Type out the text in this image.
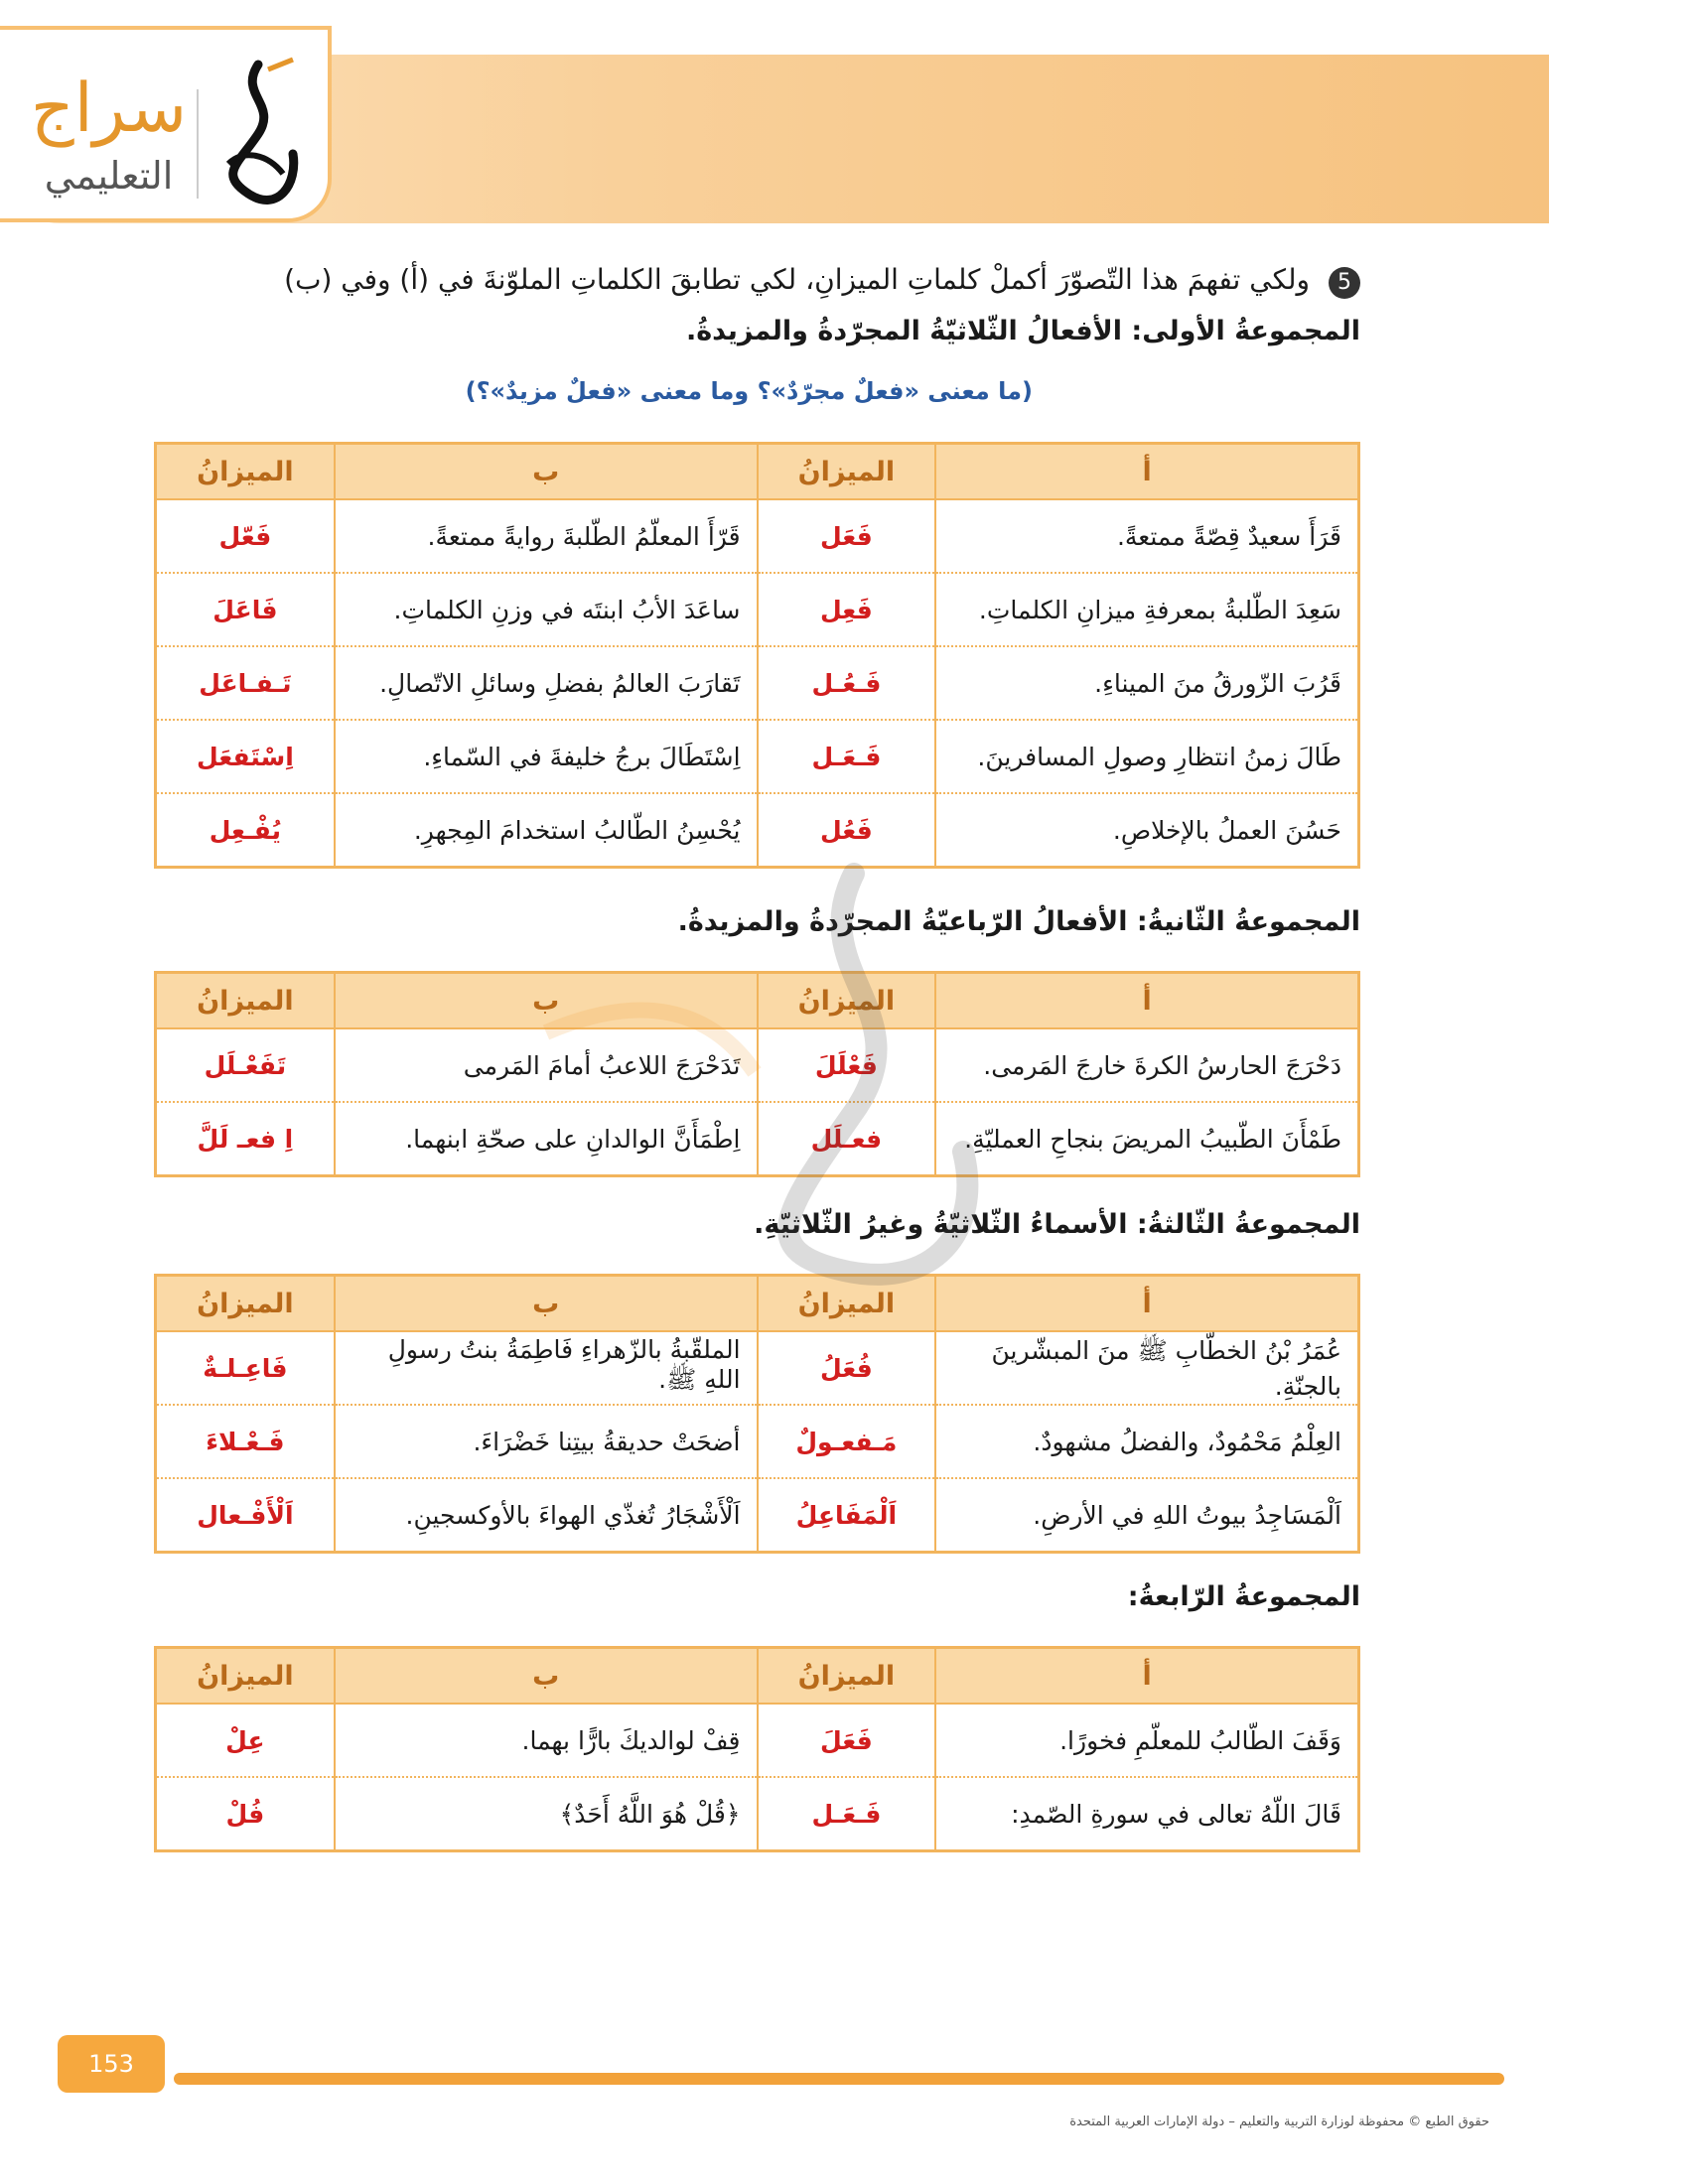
سراج
التعليمي
5 ولكي تفهمَ هذا التّصوّرَ أكملْ كلماتِ الميزانِ، لكي تطابقَ الكلماتِ الملوّنةَ في (أ) وفي (ب)
المجموعةُ الأولى: الأفعالُ الثّلاثيّةُ المجرّدةُ والمزيدةُ.
(ما معنى «فعلٌ مجرّدٌ»؟ وما معنى «فعلٌ مزيدٌ»؟)
أ	الميزانُ	ب	الميزانُ
قَرَأَ سعيدٌ قِصّةً ممتعةً.	فَعَل	قَرّأَ المعلّمُ الطّلبةَ روايةً ممتعةً.	فَعّل
سَعِدَ الطّلبةُ بمعرفةِ ميزانِ الكلماتِ.	فَعِل	ساعَدَ الأبُ ابنتَه في وزنِ الكلماتِ.	فَاعَلَ
قَرُبَ الزّورقُ منَ الميناءِ.	فَـعُـل	تَقارَبَ العالمُ بفضلِ وسائلِ الاتّصالِ.	تَـفـاعَل
طَالَ زمنُ انتظارِ وصولِ المسافرينَ.	فَـعَـل	اِسْتَطَالَ برجُ خليفةَ في السّماءِ.	اِسْتَفعَل
حَسُنَ العملُ بالإخلاصِ.	فَعُل	يُحْسِنُ الطّالبُ استخدامَ المِجهرِ.	يُفْـعِل
المجموعةُ الثّانيةُ: الأفعالُ الرّباعيّةُ المجرّدةُ والمزيدةُ.
أ	الميزانُ	ب	الميزانُ
دَحْرَجَ الحارسُ الكرةَ خارجَ المَرمى.	فَعْلَلَ	تَدَحْرَجَ اللاعبُ أمامَ المَرمى	تَفَعْـلَل
طَمْأَنَ الطّبيبُ المريضَ بنجاحِ العمليّةِ.	فعـلَل	اِطْمَأَنَّ الوالدانِ على صحّةِ ابنهما.	اِ فعـ لَلَّ
المجموعةُ الثّالثةُ: الأسماءُ الثّلاثيّةُ وغيرُ الثّلاثيّةِ.
أ	الميزانُ	ب	الميزانُ
عُمَرُ بْنُ الخطّابِ ﷺ منَ المبشّرينَ بالجنّةِ.	فُعَلُ	الملقّبةُ بالزّهراءِ فَاطِمَةُ بنتُ رسولِ اللهِ ﷺ.	فَاعِـلـةٌ
العِلْمُ مَحْمُودٌ، والفضلُ مشهودٌ.	مَـفعـولٌ	أضحَتْ حديقةُ بيتِنا خَضْرَاءَ.	فَـعْـلاءَ
اَلْمَسَاجِدُ بيوتُ اللهِ في الأرضِ.	اَلْمَفَاعِلُ	اَلْأَشْجَارُ تُغذّي الهواءَ بالأوكسجينِ.	اَلْأَفْـعال
المجموعةُ الرّابعةُ:
أ	الميزانُ	ب	الميزانُ
وَقَفَ الطّالبُ للمعلّمِ فخورًا.	فَعَلَ	قِفْ لوالديكَ بارًّا بهما.	عِلْ
قَالَ اللّهُ تعالى في سورةِ الصّمدِ:	فَـعَـل	﴿قُلْ هُوَ اللَّهُ أَحَدٌ﴾	فُلْ
153
حقوق الطبع © محفوظة لوزارة التربية والتعليم – دولة الإمارات العربية المتحدة
